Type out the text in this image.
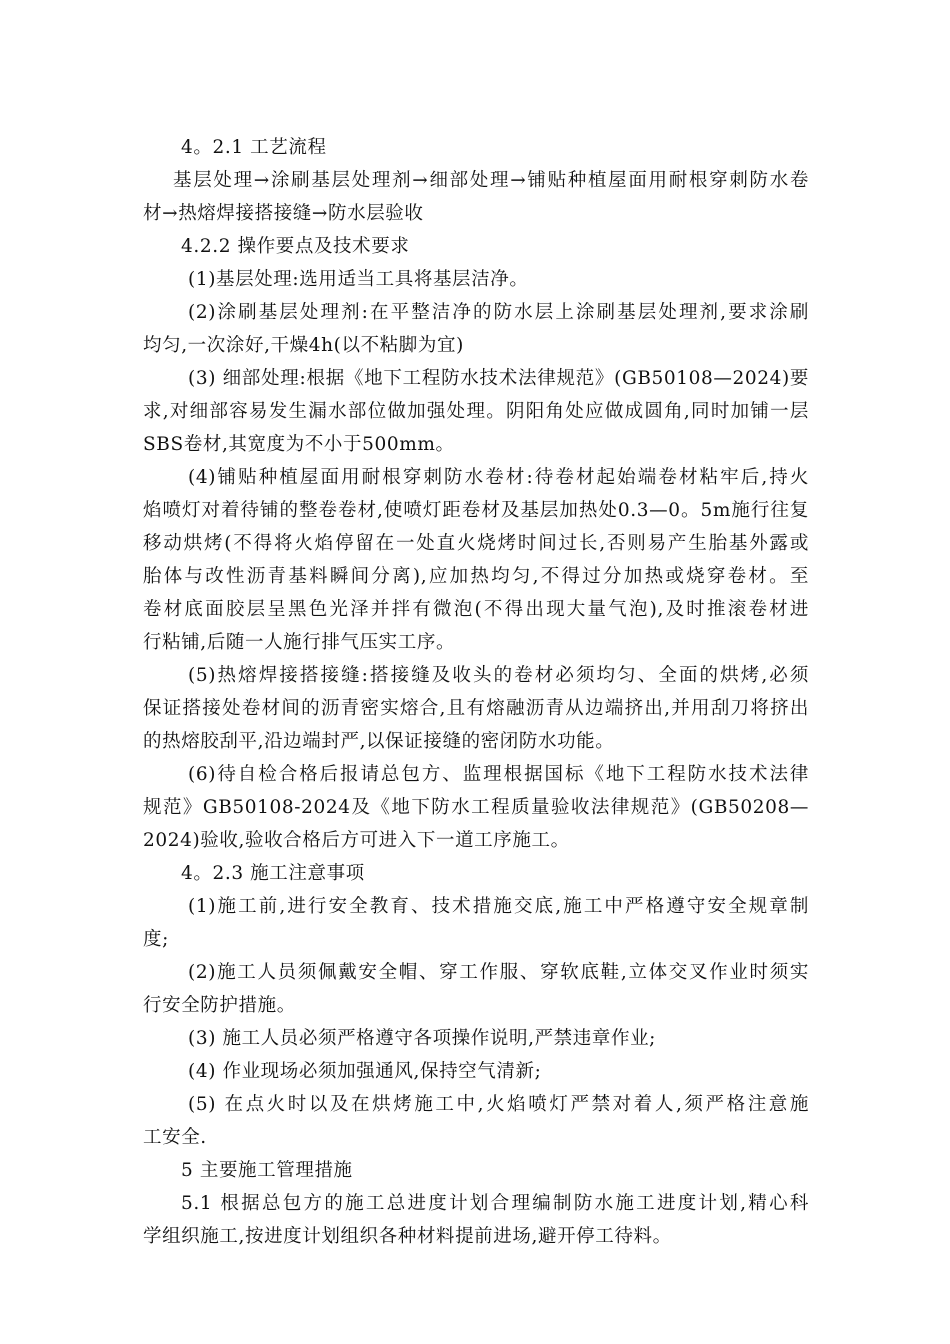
4。2.1 工艺流程
基层处理→涂刷基层处理剂→细部处理→铺贴种植屋面用耐根穿刺防水卷
材→热熔焊接搭接缝→防水层验收
4.2.2 操作要点及技术要求
(1)基层处理:选用适当工具将基层洁净。
(2)涂刷基层处理剂:在平整洁净的防水层上涂刷基层处理剂,要求涂刷
均匀,一次涂好,干燥4h(以不粘脚为宜)
(3) 细部处理:根据《地下工程防水技术法律规范》(GB50108—2024)要
求,对细部容易发生漏水部位做加强处理。阴阳角处应做成圆角,同时加铺一层
SBS卷材,其宽度为不小于500mm。
(4)铺贴种植屋面用耐根穿刺防水卷材:待卷材起始端卷材粘牢后,持火
焰喷灯对着待铺的整卷卷材,使喷灯距卷材及基层加热处0.3—0。5m施行往复
移动烘烤(不得将火焰停留在一处直火烧烤时间过长,否则易产生胎基外露或
胎体与改性沥青基料瞬间分离),应加热均匀,不得过分加热或烧穿卷材。至
卷材底面胶层呈黑色光泽并拌有微泡(不得出现大量气泡),及时推滚卷材进
行粘铺,后随一人施行排气压实工序。
(5)热熔焊接搭接缝:搭接缝及收头的卷材必须均匀、全面的烘烤,必须
保证搭接处卷材间的沥青密实熔合,且有熔融沥青从边端挤出,并用刮刀将挤出
的热熔胶刮平,沿边端封严,以保证接缝的密闭防水功能。
(6)待自检合格后报请总包方、监理根据国标《地下工程防水技术法律
规范》GB50108-2024及《地下防水工程质量验收法律规范》(GB50208—
2024)验收,验收合格后方可进入下一道工序施工。
4。2.3 施工注意事项
(1)施工前,进行安全教育、技术措施交底,施工中严格遵守安全规章制
度;
(2)施工人员须佩戴安全帽、穿工作服、穿软底鞋,立体交叉作业时须实
行安全防护措施。
(3) 施工人员必须严格遵守各项操作说明,严禁违章作业;
(4) 作业现场必须加强通风,保持空气清新;
(5) 在点火时以及在烘烤施工中,火焰喷灯严禁对着人,须严格注意施
工安全.
5 主要施工管理措施
5.1 根据总包方的施工总进度计划合理编制防水施工进度计划,精心科
学组织施工,按进度计划组织各种材料提前进场,避开停工待料。
